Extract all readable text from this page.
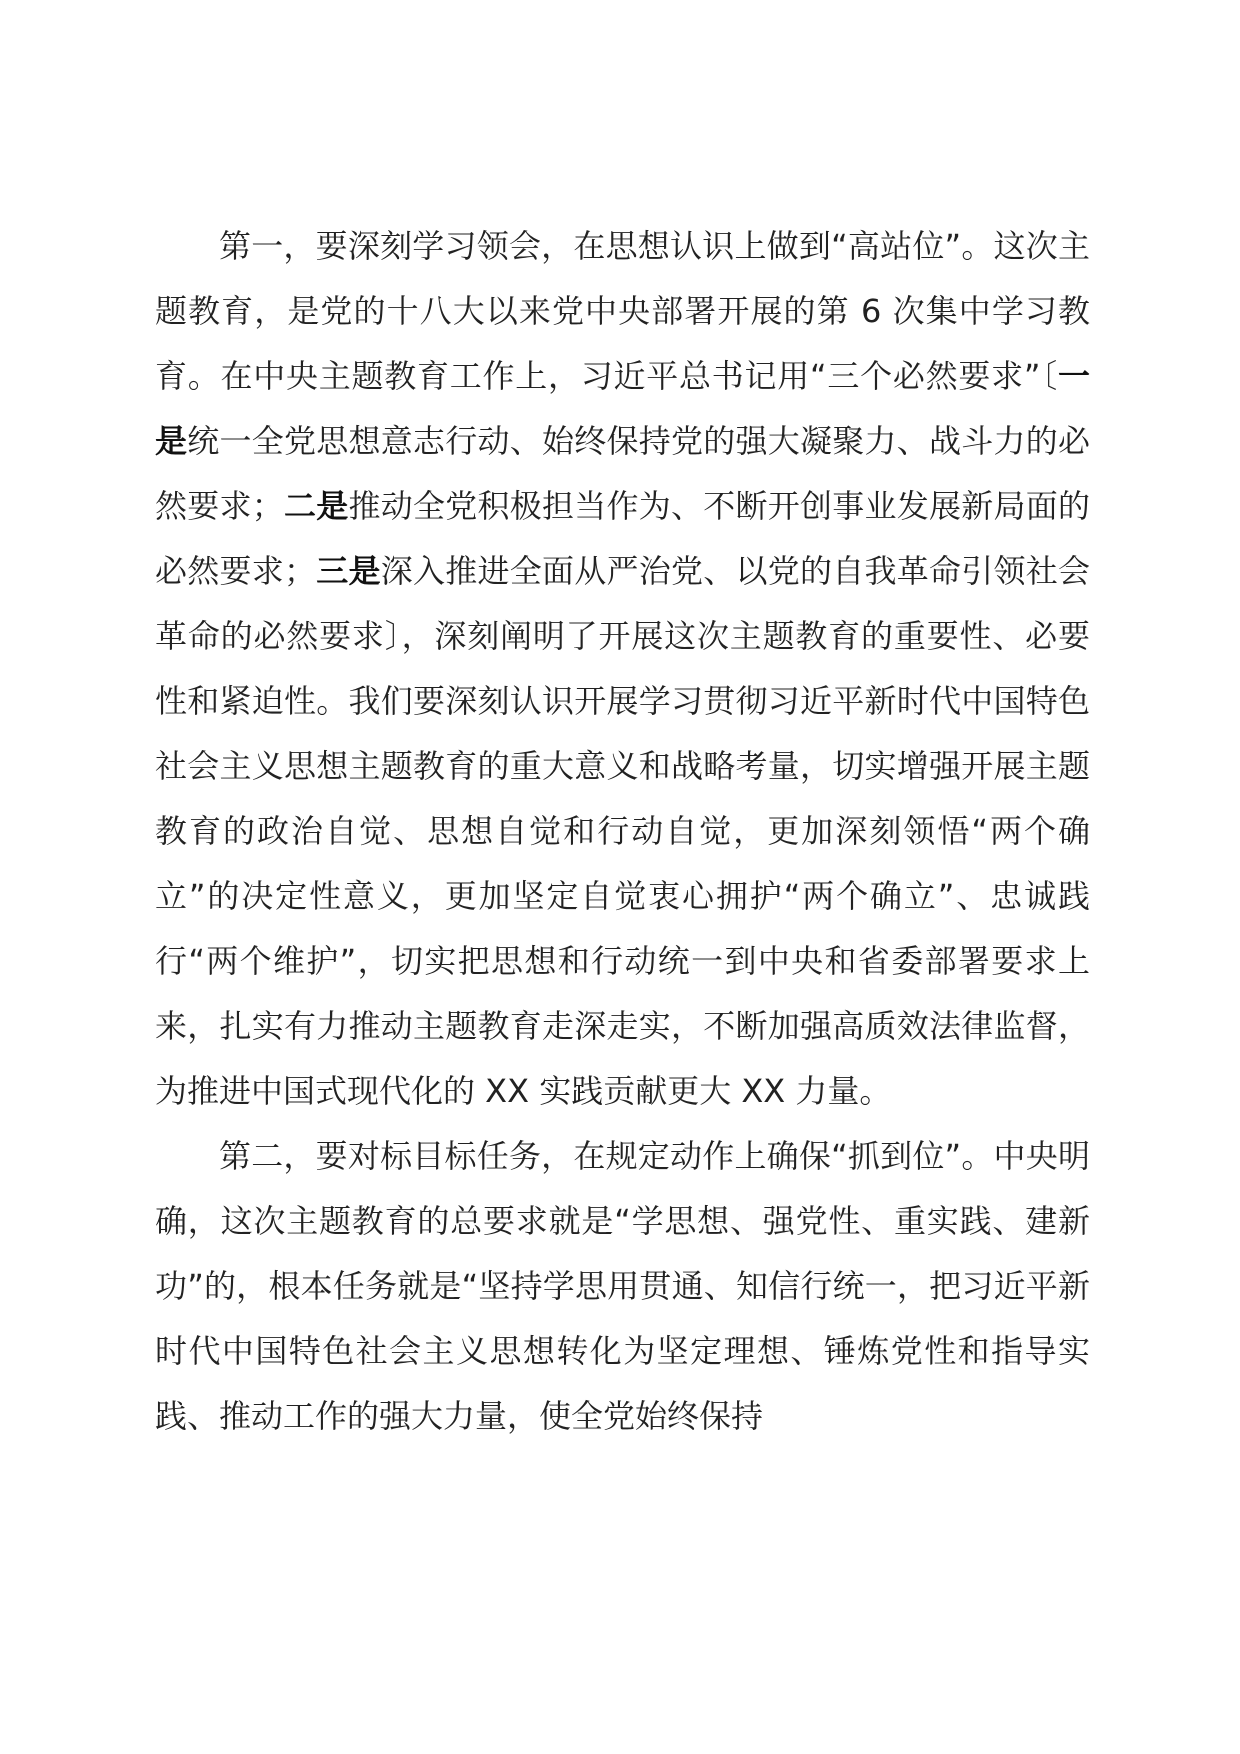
第一，要深刻学习领会，在思想认识上做到“高站位”。这次主题教育，是党的十八大以来党中央部署开展的第 6 次集中学习教育。在中央主题教育工作上，习近平总书记用“三个必然要求”〔一是统一全党思想意志行动、始终保持党的强大凝聚力、战斗力的必然要求；二是推动全党积极担当作为、不断开创事业发展新局面的必然要求；三是深入推进全面从严治党、以党的自我革命引领社会革命的必然要求〕，深刻阐明了开展这次主题教育的重要性、必要性和紧迫性。我们要深刻认识开展学习贯彻习近平新时代中国特色社会主义思想主题教育的重大意义和战略考量，切实增强开展主题教育的政治自觉、思想自觉和行动自觉，更加深刻领悟“两个确立”的决定性意义，更加坚定自觉衷心拥护“两个确立”、忠诚践行“两个维护”，切实把思想和行动统一到中央和省委部署要求上来，扎实有力推动主题教育走深走实，不断加强高质效法律监督，为推进中国式现代化的 XX 实践贡献更大 XX 力量。

第二，要对标目标任务，在规定动作上确保“抓到位”。中央明确，这次主题教育的总要求就是“学思想、强党性、重实践、建新功”的，根本任务就是“坚持学思用贯通、知信行统一，把习近平新时代中国特色社会主义思想转化为坚定理想、锤炼党性和指导实践、推动工作的强大力量，使全党始终保持
